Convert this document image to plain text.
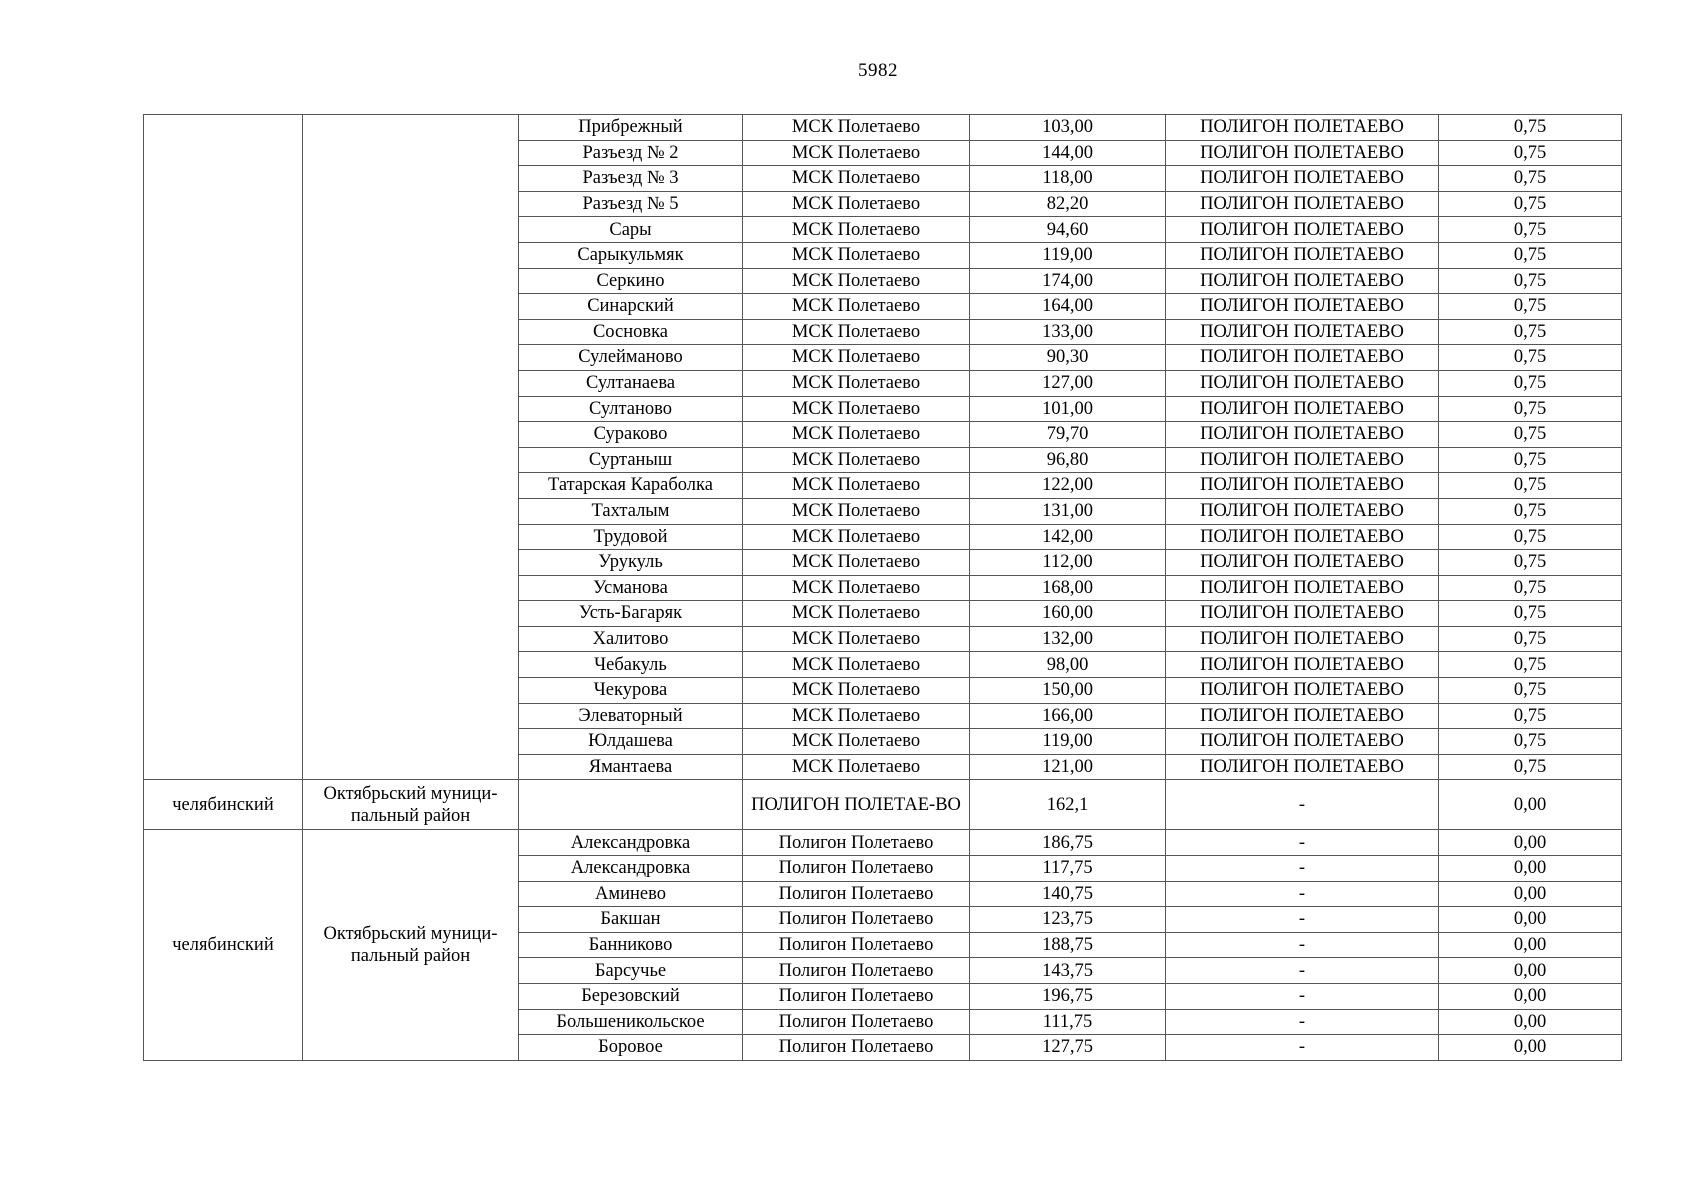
5982
		Прибрежный	МСК Полетаево	103,00	ПОЛИГОН ПОЛЕТАЕВО	0,75
		Разъезд № 2	МСК Полетаево	144,00	ПОЛИГОН ПОЛЕТАЕВО	0,75
		Разъезд № 3	МСК Полетаево	118,00	ПОЛИГОН ПОЛЕТАЕВО	0,75
		Разъезд № 5	МСК Полетаево	82,20	ПОЛИГОН ПОЛЕТАЕВО	0,75
		Сары	МСК Полетаево	94,60	ПОЛИГОН ПОЛЕТАЕВО	0,75
		Сарыкульмяк	МСК Полетаево	119,00	ПОЛИГОН ПОЛЕТАЕВО	0,75
		Серкино	МСК Полетаево	174,00	ПОЛИГОН ПОЛЕТАЕВО	0,75
		Синарский	МСК Полетаево	164,00	ПОЛИГОН ПОЛЕТАЕВО	0,75
		Сосновка	МСК Полетаево	133,00	ПОЛИГОН ПОЛЕТАЕВО	0,75
		Сулейманово	МСК Полетаево	90,30	ПОЛИГОН ПОЛЕТАЕВО	0,75
		Султанаева	МСК Полетаево	127,00	ПОЛИГОН ПОЛЕТАЕВО	0,75
		Султаново	МСК Полетаево	101,00	ПОЛИГОН ПОЛЕТАЕВО	0,75
		Сураково	МСК Полетаево	79,70	ПОЛИГОН ПОЛЕТАЕВО	0,75
		Суртаныш	МСК Полетаево	96,80	ПОЛИГОН ПОЛЕТАЕВО	0,75
		Татарская Караболка	МСК Полетаево	122,00	ПОЛИГОН ПОЛЕТАЕВО	0,75
		Тахталым	МСК Полетаево	131,00	ПОЛИГОН ПОЛЕТАЕВО	0,75
		Трудовой	МСК Полетаево	142,00	ПОЛИГОН ПОЛЕТАЕВО	0,75
		Урукуль	МСК Полетаево	112,00	ПОЛИГОН ПОЛЕТАЕВО	0,75
		Усманова	МСК Полетаево	168,00	ПОЛИГОН ПОЛЕТАЕВО	0,75
		Усть-Багаряк	МСК Полетаево	160,00	ПОЛИГОН ПОЛЕТАЕВО	0,75
		Халитово	МСК Полетаево	132,00	ПОЛИГОН ПОЛЕТАЕВО	0,75
		Чебакуль	МСК Полетаево	98,00	ПОЛИГОН ПОЛЕТАЕВО	0,75
		Чекурова	МСК Полетаево	150,00	ПОЛИГОН ПОЛЕТАЕВО	0,75
		Элеваторный	МСК Полетаево	166,00	ПОЛИГОН ПОЛЕТАЕВО	0,75
		Юлдашева	МСК Полетаево	119,00	ПОЛИГОН ПОЛЕТАЕВО	0,75
		Ямантаева	МСК Полетаево	121,00	ПОЛИГОН ПОЛЕТАЕВО	0,75
челябинский	Октябрьский муници-пальный район		ПОЛИГОН ПОЛЕТАЕ-ВО	162,1	-	0,00
челябинский	Октябрьский муници-пальный район	Александровка	Полигон Полетаево	186,75	-	0,00
		Александровка	Полигон Полетаево	117,75	-	0,00
		Аминево	Полигон Полетаево	140,75	-	0,00
		Бакшан	Полигон Полетаево	123,75	-	0,00
		Банниково	Полигон Полетаево	188,75	-	0,00
		Барсучье	Полигон Полетаево	143,75	-	0,00
		Березовский	Полигон Полетаево	196,75	-	0,00
		Большеникольское	Полигон Полетаево	111,75	-	0,00
		Боровое	Полигон Полетаево	127,75	-	0,00
